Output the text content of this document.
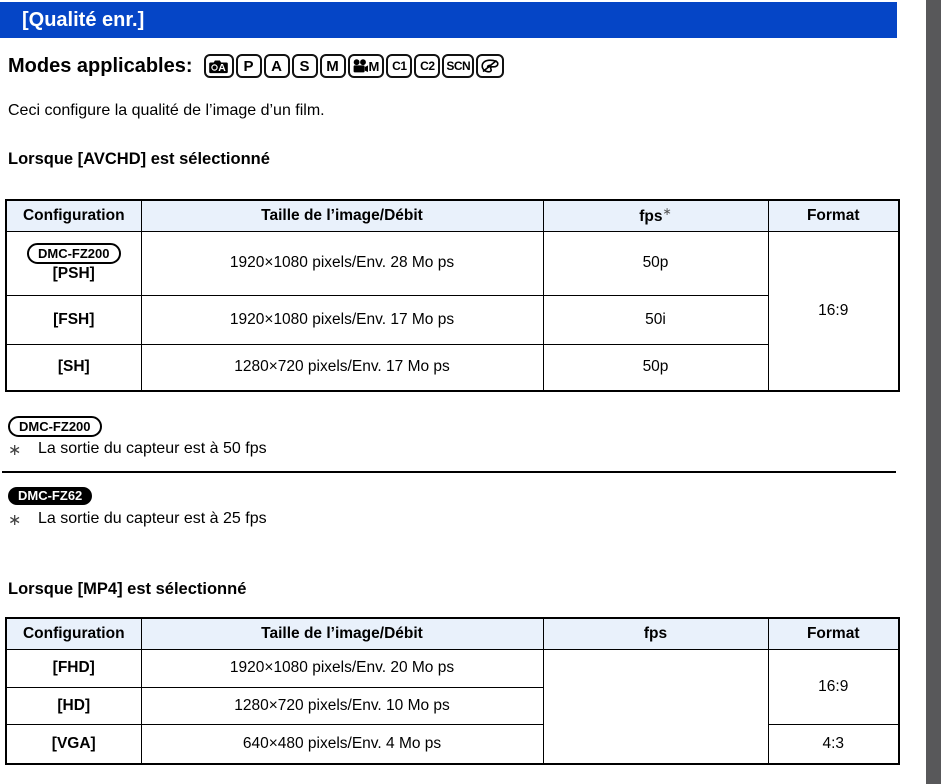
[Qualité enr.]
Modes applicables: A	P	A	S	M	M	C1	C2 SCN

Ceci configure la qualité de l’image d’un film.

Lorsque [AVCHD] est sélectionné
Configuration	Taille de l’image/Débit	fps∗	Format

DMC-FZ200
[PSH]	1920×1080 pixels/Env. 28 Mo ps	50p	16:9
[FSH]	1920×1080 pixels/Env. 17 Mo ps	50i	
[SH]	1280×720 pixels/Env. 17 Mo ps	50p	
DMC-FZ200
∗	La sortie du capteur est à 50 fps
DMC-FZ62
∗	La sortie du capteur est à 25 fps
Lorsque [MP4] est sélectionné
Configuration	Taille de l’image/Débit	fps	Format
[FHD]	1920×1080 pixels/Env. 20 Mo ps		16:9
[HD]	1280×720 pixels/Env. 10 Mo ps		
[VGA]	640×480 pixels/Env. 4 Mo ps		4:3
